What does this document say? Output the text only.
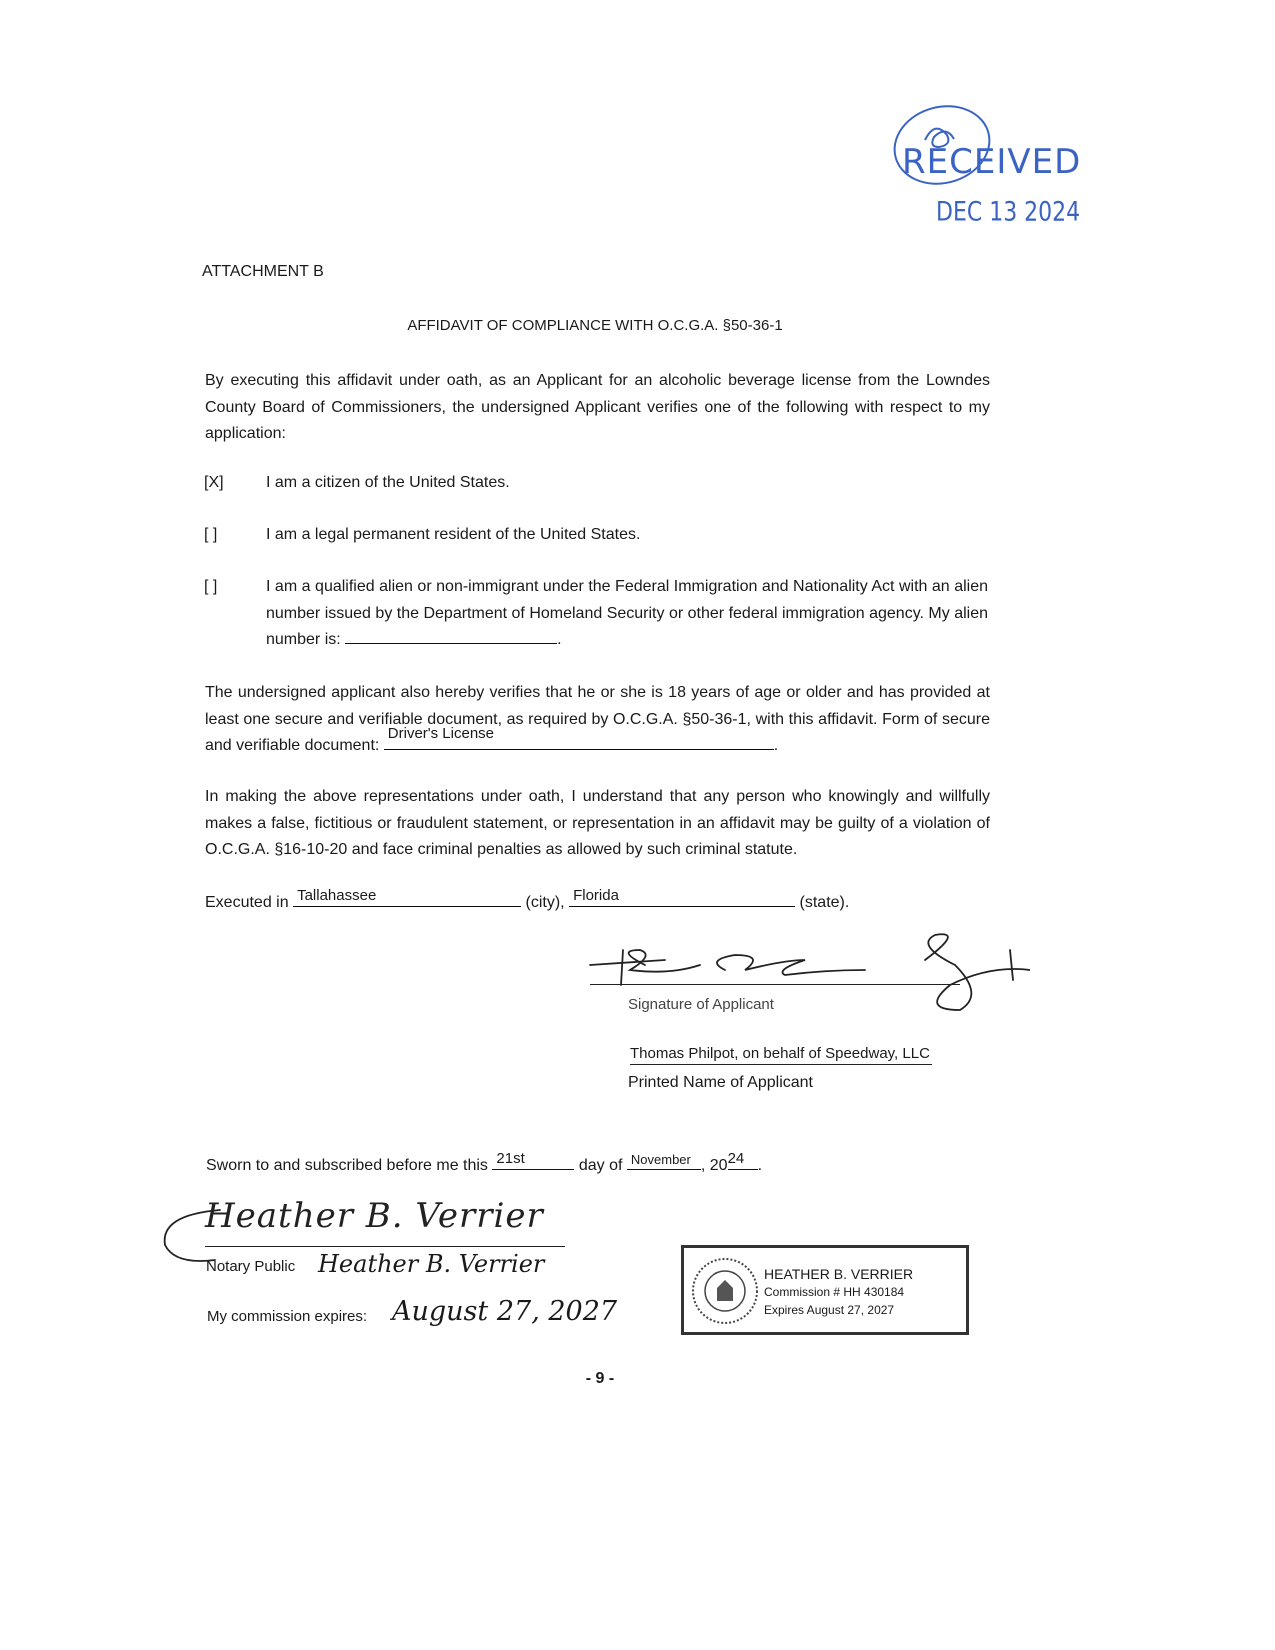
RECEIVED
DEC 13 2024
ATTACHMENT B
AFFIDAVIT OF COMPLIANCE WITH O.C.G.A. §50-36-1
By executing this affidavit under oath, as an Applicant for an alcoholic beverage license from the Lowndes County Board of Commissioners, the undersigned Applicant verifies one of the following with respect to my application:
[X]	I am a citizen of the United States.
[ ]	I am a legal permanent resident of the United States.
[ ]	I am a qualified alien or non-immigrant under the Federal Immigration and Nationality Act with an alien number issued by the Department of Homeland Security or other federal immigration agency. My alien number is:	.
The undersigned applicant also hereby verifies that he or she is 18 years of age or older and has provided at least one secure and verifiable document, as required by O.C.G.A. §50-36-1, with this affidavit. Form of secure and verifiable document:
Driver's License
.
In making the above representations under oath, I understand that any person who knowingly and willfully makes a false, fictitious or fraudulent statement, or representation in an affidavit may be guilty of a violation of O.C.G.A. §16-10-20 and face criminal penalties as allowed by such criminal statute.
Executed in Tallahassee	(city), Florida	(state).
Signature of Applicant
Thomas Philpot, on behalf of Speedway, LLC
Printed Name of Applicant
Sworn to and subscribed before me this 21st	day of November , 20 24 .
Heather B. Verrier
Notary Public Heather B. Verrier
My commission expires: August 27, 2027
HEATHER B. VERRIER
Commission # HH 430184
Expires August 27, 2027
- 9 -
